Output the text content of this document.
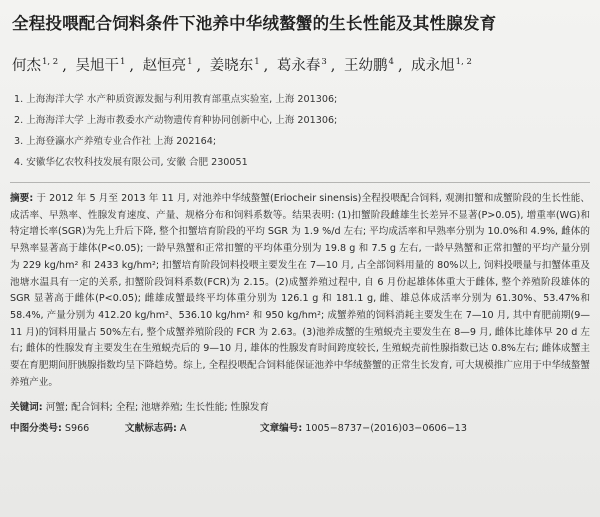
全程投喂配合饲料条件下池养中华绒螯蟹的生长性能及其性腺发育
何杰$^{1, 2}$ , 吴旭干$^1$ , 赵恒亮$^1$ , 姜晓东$^1$ , 葛永春$^3$ , 王幼鹏$^4$ , 成永旭$^{1, 2}$
1. 上海海洋大学 水产种质资源发掘与利用教育部重点实验室, 上海 201306;
2. 上海海洋大学 上海市教委水产动物遗传育种协同创新中心, 上海 201306;
3. 上海登瀛水产养殖专业合作社 上海 202164;
4. 安徽华亿农牧科技发展有限公司, 安徽 合肥 230051
摘要: 于 2012 年 5 月至 2013 年 11 月, 对池养中华绒螯蟹(Eriocheir sinensis)全程投喂配合饲料, 观测扣蟹和成蟹阶段的生长性能、成活率、早熟率、性腺发育速度、产量、规格分布和饲料系数等。结果表明: (1)扣蟹阶段雌雄生长差异不显著(P>0.05), 增重率(WG)和特定增长率(SGR)为先上升后下降, 整个扣蟹培育阶段的平均 SGR 为 1.9 %/d 左右; 平均成活率和早熟率分别为 10.0%和 4.9%, 雌体的早熟率显著高于雄体(P<0.05); 一龄早熟蟹和正常扣蟹的平均体重分别为 19.8 g 和 7.5 g 左右, 一龄早熟蟹和正常扣蟹的平均产量分别为 229 kg/hm² 和 2433 kg/hm²; 扣蟹培育阶段饲料投喂主要发生在 7—10 月, 占全部饲料用量的 80%以上, 饲料投喂量与扣蟹体重及池塘水温具有一定的关系, 扣蟹阶段饲料系数(FCR)为 2.15。(2)成蟹养殖过程中, 自 6 月份起雄体体重大于雌体, 整个养殖阶段雄体的 SGR 显著高于雌体(P<0.05); 雌雄成蟹最终平均体重分别为 126.1 g 和 181.1 g, 雌、雄总体成活率分别为 61.30%、53.47%和 58.4%, 产量分别为 412.20 kg/hm²、536.10 kg/hm² 和 950 kg/hm²; 成蟹养殖的饲料消耗主要发生在 7—10 月, 其中育肥前期(9—11 月)的饲料用量占 50%左右, 整个成蟹养殖阶段的 FCR 为 2.63。(3)池养成蟹的生殖蜕壳主要发生在 8—9 月, 雌体比雄体早 20 d 左右; 雌体的性腺发育主要发生在生殖蜕壳后的 9—10 月, 雄体的性腺发育时间跨度较长, 生殖蜕壳前性腺指数已达 0.8%左右; 雌体成蟹主要在育肥期间肝胰腺指数均呈下降趋势。综上, 全程投喂配合饲料能保证池养中华绒螯蟹的正常生长发育, 可大规模推广应用于中华绒螯蟹养殖产业。
关键词: 河蟹; 配合饲料; 全程; 池塘养殖; 生长性能; 性腺发育
中图分类号: S966	文献标志码: A	文章编号: 1005−8737−(2016)03−0606−13
